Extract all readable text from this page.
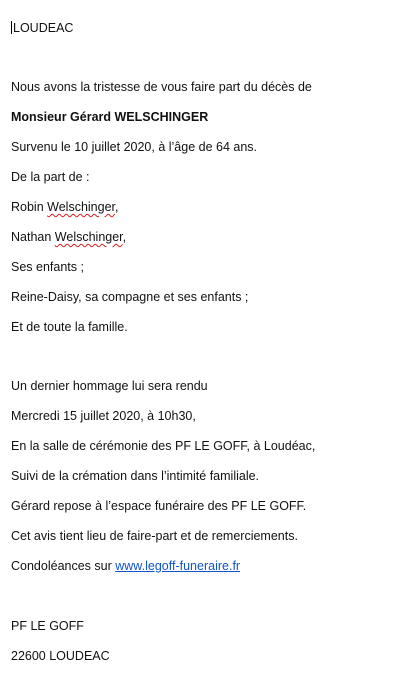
LOUDEAC
Nous avons la tristesse de vous faire part du décès de
Monsieur Gérard WELSCHINGER
Survenu le 10 juillet 2020, à l’âge de 64 ans.
De la part de :
Robin Welschinger,
Nathan Welschinger,
Ses enfants ;
Reine-Daisy, sa compagne et ses enfants ;
Et de toute la famille.
Un dernier hommage lui sera rendu
Mercredi 15 juillet 2020, à 10h30,
En la salle de cérémonie des PF LE GOFF, à Loudéac,
Suivi de la crémation dans l’intimité familiale.
Gérard repose à l’espace funéraire des PF LE GOFF.
Cet avis tient lieu de faire-part et de remerciements.
Condoléances sur www.legoff-funeraire.fr
PF LE GOFF
22600 LOUDEAC
